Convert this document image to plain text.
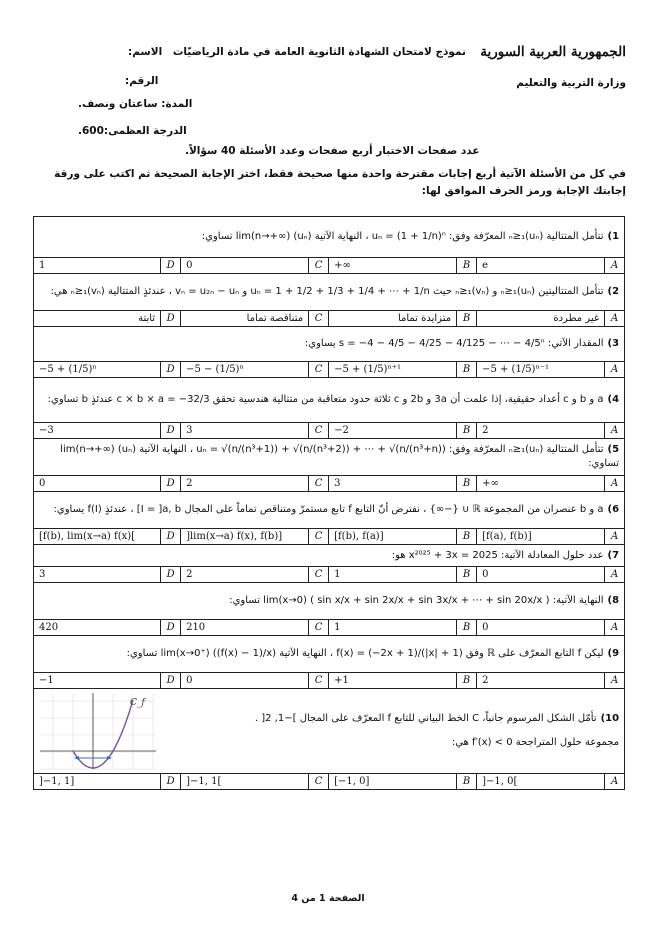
الجمهورية العربية السورية
نموذج لامتحان الشهادة الثانوية العامة في مادة الرياضيّات
الاسم:
الرقم:	وزارة التربية والتعليم
المدة: ساعتان ونصف.
الدرجة العظمى:600.
عدد صفحات الاختبار أربع صفحات وعدد الأسئلة 40 سؤالاً.
في كل من الأسئلة الآتية أربع إجابات مقترحة واحدة منها صحيحة فقط، اختر الإجابة الصحيحة ثم اكتب على ورقة إجابتك الإجابة ورمز الحرف الموافق لها:
1)تتأمل المتتالية (uₙ)ₙ≥₁ المعرّفة وفق: uₙ = (1 + 1/n)ⁿ ، النهاية الآتية lim(n→+∞) (uₙ) تساوي:							
A	e	B	+∞	C	0	D	1
2)تتأمل المتتاليتين (uₙ)ₙ≥₁ و (vₙ)ₙ≥₁ حيث uₙ = 1 + 1/2 + 1/3 + 1/4 + ⋯ + 1/n و vₙ = u₂ₙ − uₙ ، عندئذٍ المتتالية (vₙ)ₙ≥₁ هي:							
A	غير مطردة	B	متزايدة تماما	C	متناقصة تماما	D	ثابتة
3)المقدار الآتي: s = −4 − 4/5 − 4/25 − 4/125 − ⋯ − 4/5ⁿ يساوي:							
A	−5 + (1/5)ⁿ⁻¹	B	−5 + (1/5)ⁿ⁺¹	C	−5 − (1/5)ⁿ	D	−5 + (1/5)ⁿ
4)a و b و c أعداد حقيقية، إذا علمت أن 3a و 2b و c ثلاثة حدود متعاقبة من متتالية هندسية تحقق c × b × a = −32/3 عندئذٍ b تساوي:							
A	2	B	−2	C	3	D	−3
5)تتأمل المتتالية (uₙ)ₙ≥₁ المعرّفة وفق: uₙ = √(n/(n³+1)) + √(n/(n³+2)) + ⋯ + √(n/(n³+n)) ، النهاية الآتية lim(n→+∞) (uₙ) تساوي:							
A	+∞	B	3	C	2	D	0
6)a و b عنصران من المجموعة ℝ ∪ {−∞} ، نفترض أنّ التابع f تابع مستمرّ ومتناقص تماماً على المجال I = ]a, b] ، عندئذٍ f(I) يساوي:							
A	[f(a), f(b)]	B	[f(b), f(a)]	C	]lim(x→a) f(x), f(b)]	D	[f(b), lim(x→a) f(x)[
7)عدد حلول المعادلة الآتية: x²⁰²⁵ + 3x = 2025 هو:							
A	0	B	1	C	2	D	3
8)النهاية الآتية: lim(x→0) ( sin x/x + sin 2x/x + sin 3x/x + ⋯ + sin 20x/x ) تساوي:							
A	0	B	1	C	210	D	420
9)ليكن f التابع المعرّف على ℝ وفق f(x) = (−2x + 1)/(|x| + 1) ، النهاية الآتية lim(x→0⁺) ((f(x) − 1)/x) تساوي:							
A	2	B	+1	C	0	D	−1
10)تأمّل الشكل المرسوم جانباً، C الخط البياني للتابع f المعرّف على المجال ]−1, 2[ .
مجموعة حلول المتراجحة f′(x) < 0 هي:
C_f							

A	]−1, 0[	B	[−1, 0]	C	]−1, 1[	D	]−1, 1]
الصفحة 1 من 4
